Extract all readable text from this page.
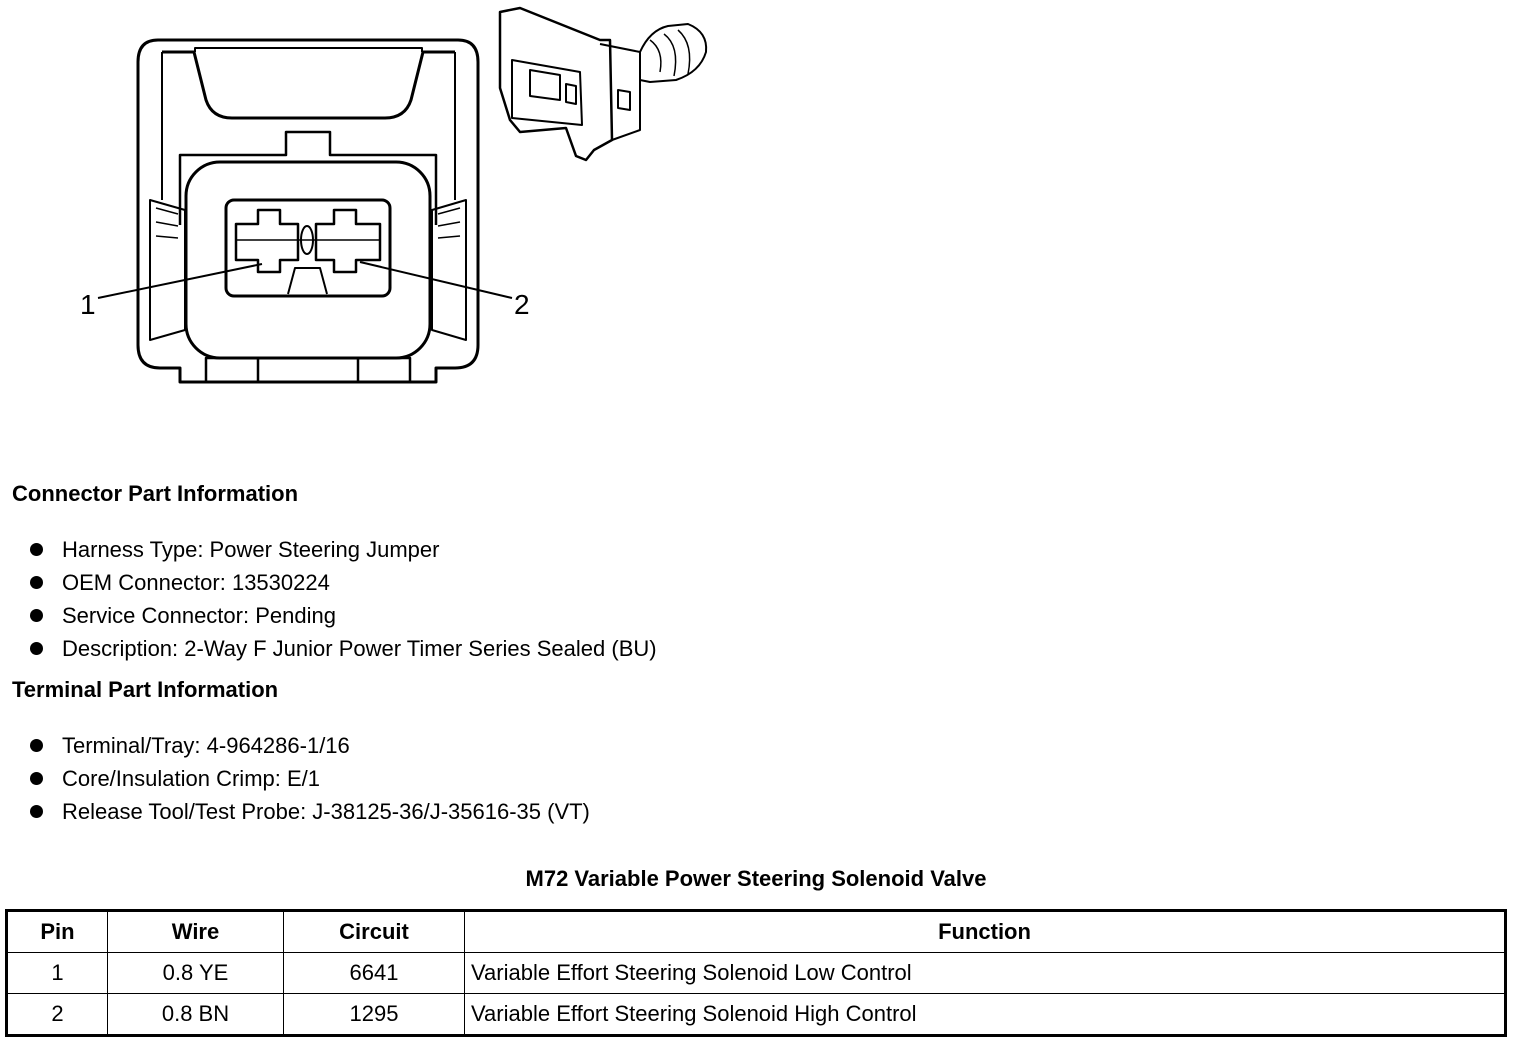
1	2
Connector Part Information
Harness Type: Power Steering Jumper
OEM Connector: 13530224
Service Connector: Pending
Description: 2-Way F Junior Power Timer Series Sealed (BU)
Terminal Part Information
Terminal/Tray: 4-964286-1/16
Core/Insulation Crimp: E/1
Release Tool/Test Probe: J-38125-36/J-35616-35 (VT)
M72 Variable Power Steering Solenoid Valve
Pin	Wire	Circuit	Function
1	0.8 YE	6641	Variable Effort Steering Solenoid Low Control
2	0.8 BN	1295	Variable Effort Steering Solenoid High Control
